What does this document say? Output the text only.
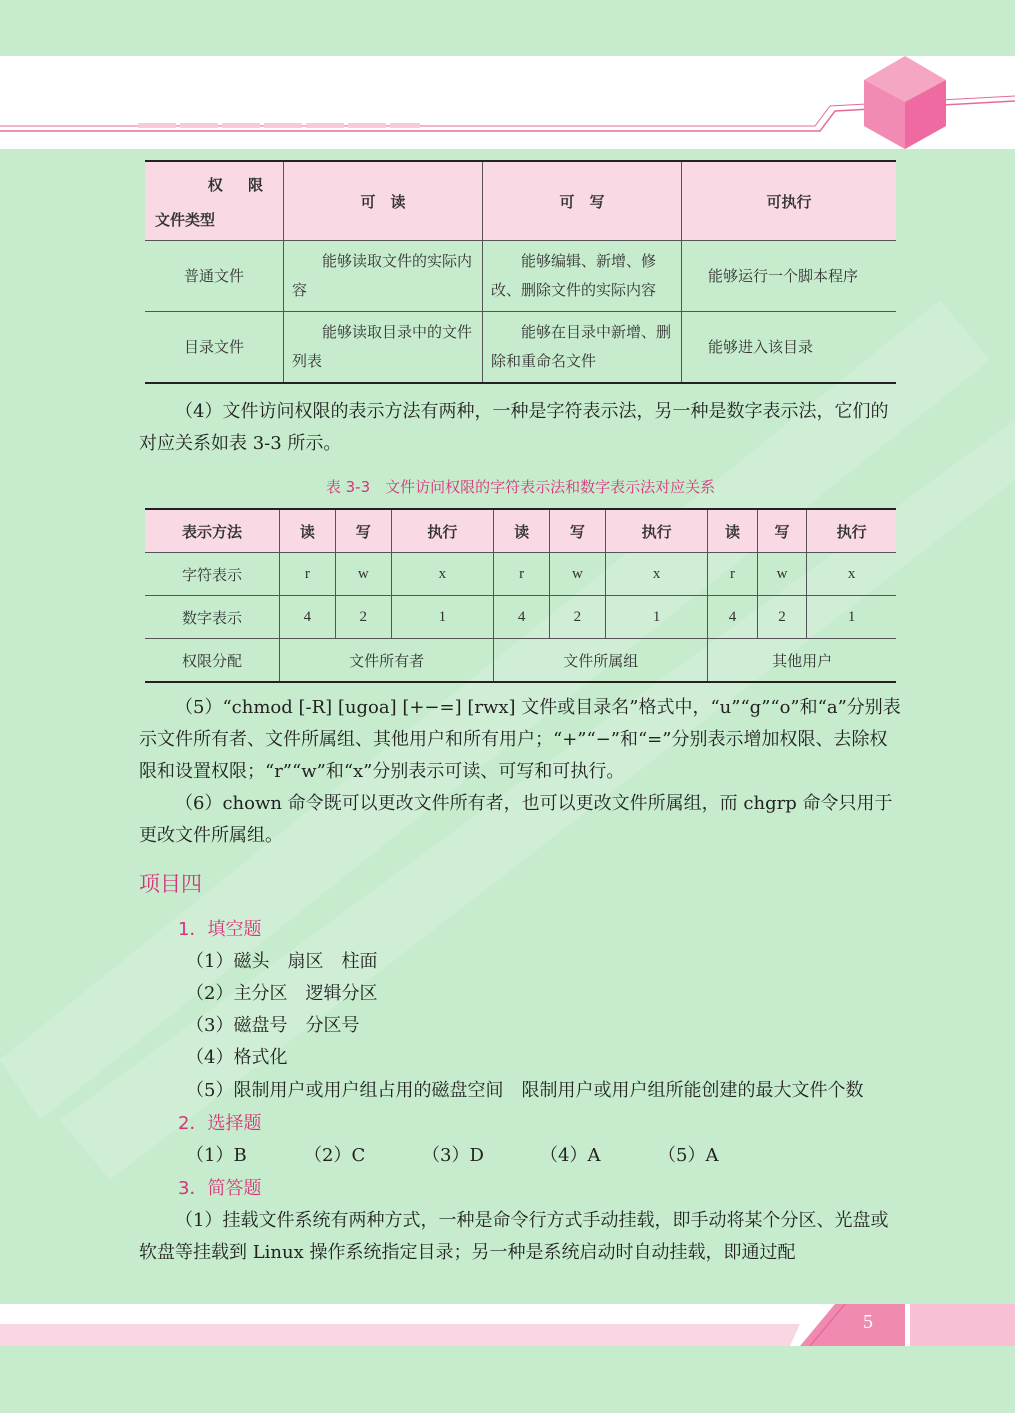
权 限
文件类型	可　读	可　写	可执行
普通文件	能够读取文件的实际内容	能够编辑、新增、修改、删除文件的实际内容	能够运行一个脚本程序
目录文件	能够读取目录中的文件列表	能够在目录中新增、删除和重命名文件	能够进入该目录
（4）文件访问权限的表示方法有两种，一种是字符表示法，另一种是数字表示法，它们的对应关系如表 3-3 所示。
表 3-3　文件访问权限的字符表示法和数字表示法对应关系
表示方法	读	写	执行	读	写	执行	读	写	执行
字符表示	r	w	x	r	w	x	r	w	x
数字表示	4	2	1	4	2	1	4	2	1
权限分配	文件所有者			文件所属组			其他用户		
（5）“chmod [-R] [ugoa] [+−=] [rwx] 文件或目录名”格式中，“u”“g”“o”和“a”分别表示文件所有者、文件所属组、其他用户和所有用户；“+”“−”和“=”分别表示增加权限、去除权限和设置权限；“r”“w”和“x”分别表示可读、可写和可执行。
（6）chown 命令既可以更改文件所有者，也可以更改文件所属组，而 chgrp 命令只用于更改文件所属组。
项目四
1．填空题
（1）磁头　扇区　柱面
（2）主分区　逻辑分区
（3）磁盘号　分区号
（4）格式化
（5）限制用户或用户组占用的磁盘空间　限制用户或用户组所能创建的最大文件个数
2．选择题
（1）B	（2）C	（3）D	（4）A	（5）A
3．简答题
（1）挂载文件系统有两种方式，一种是命令行方式手动挂载，即手动将某个分区、光盘或软盘等挂载到 Linux 操作系统指定目录；另一种是系统启动时自动挂载，即通过配
5
